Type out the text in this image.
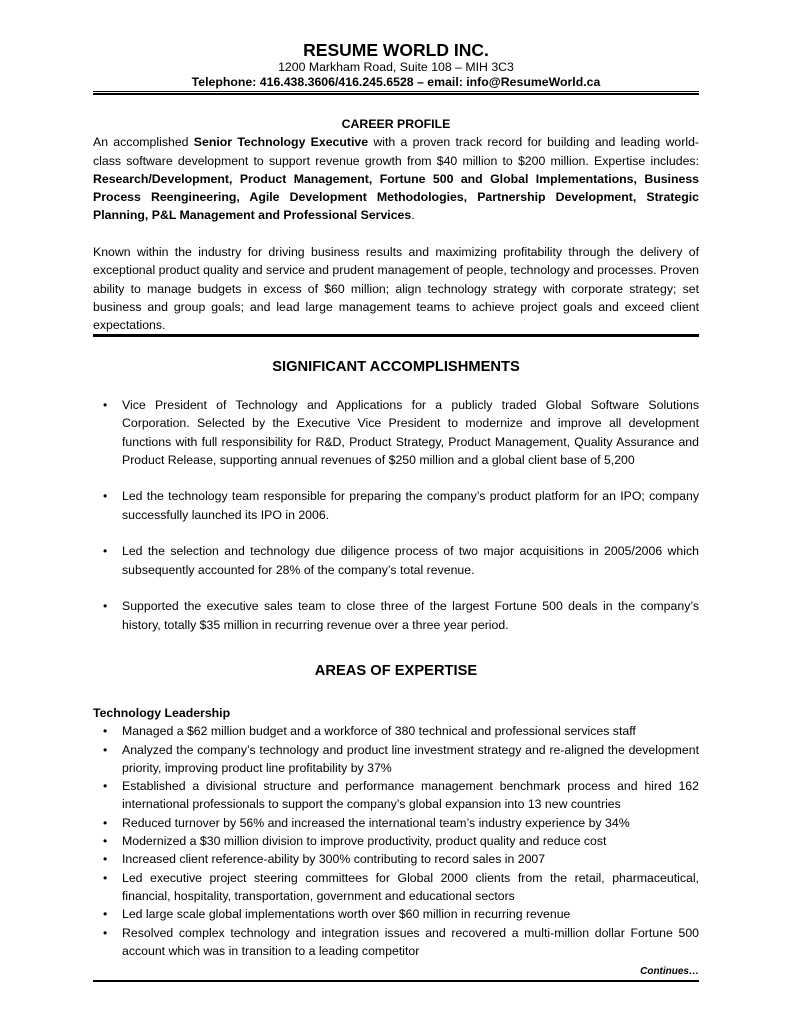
RESUME WORLD INC.
1200 Markham Road, Suite 108 – MIH 3C3
Telephone: 416.438.3606/416.245.6528 – email: info@ResumeWorld.ca
CAREER PROFILE
An accomplished Senior Technology Executive with a proven track record for building and leading world-class software development to support revenue growth from $40 million to $200 million. Expertise includes: Research/Development, Product Management, Fortune 500 and Global Implementations, Business Process Reengineering, Agile Development Methodologies, Partnership Development, Strategic Planning, P&L Management and Professional Services.
Known within the industry for driving business results and maximizing profitability through the delivery of exceptional product quality and service and prudent management of people, technology and processes. Proven ability to manage budgets in excess of $60 million; align technology strategy with corporate strategy; set business and group goals; and lead large management teams to achieve project goals and exceed client expectations.
SIGNIFICANT ACCOMPLISHMENTS
• Vice President of Technology and Applications for a publicly traded Global Software Solutions Corporation. Selected by the Executive Vice President to modernize and improve all development functions with full responsibility for R&D, Product Strategy, Product Management, Quality Assurance and Product Release, supporting annual revenues of $250 million and a global client base of 5,200
• Led the technology team responsible for preparing the company’s product platform for an IPO; company successfully launched its IPO in 2006.
• Led the selection and technology due diligence process of two major acquisitions in 2005/2006 which subsequently accounted for 28% of the company’s total revenue.
• Supported the executive sales team to close three of the largest Fortune 500 deals in the company’s history, totally $35 million in recurring revenue over a three year period.
AREAS OF EXPERTISE
Technology Leadership
• Managed a $62 million budget and a workforce of 380 technical and professional services staff
• Analyzed the company’s technology and product line investment strategy and re-aligned the development priority, improving product line profitability by 37%
• Established a divisional structure and performance management benchmark process and hired 162 international professionals to support the company’s global expansion into 13 new countries
• Reduced turnover by 56% and increased the international team’s industry experience by 34%
• Modernized a $30 million division to improve productivity, product quality and reduce cost
• Increased client reference-ability by 300% contributing to record sales in 2007
• Led executive project steering committees for Global 2000 clients from the retail, pharmaceutical, financial, hospitality, transportation, government and educational sectors
• Led large scale global implementations worth over $60 million in recurring revenue
• Resolved complex technology and integration issues and recovered a multi-million dollar Fortune 500 account which was in transition to a leading competitor
Continues…
